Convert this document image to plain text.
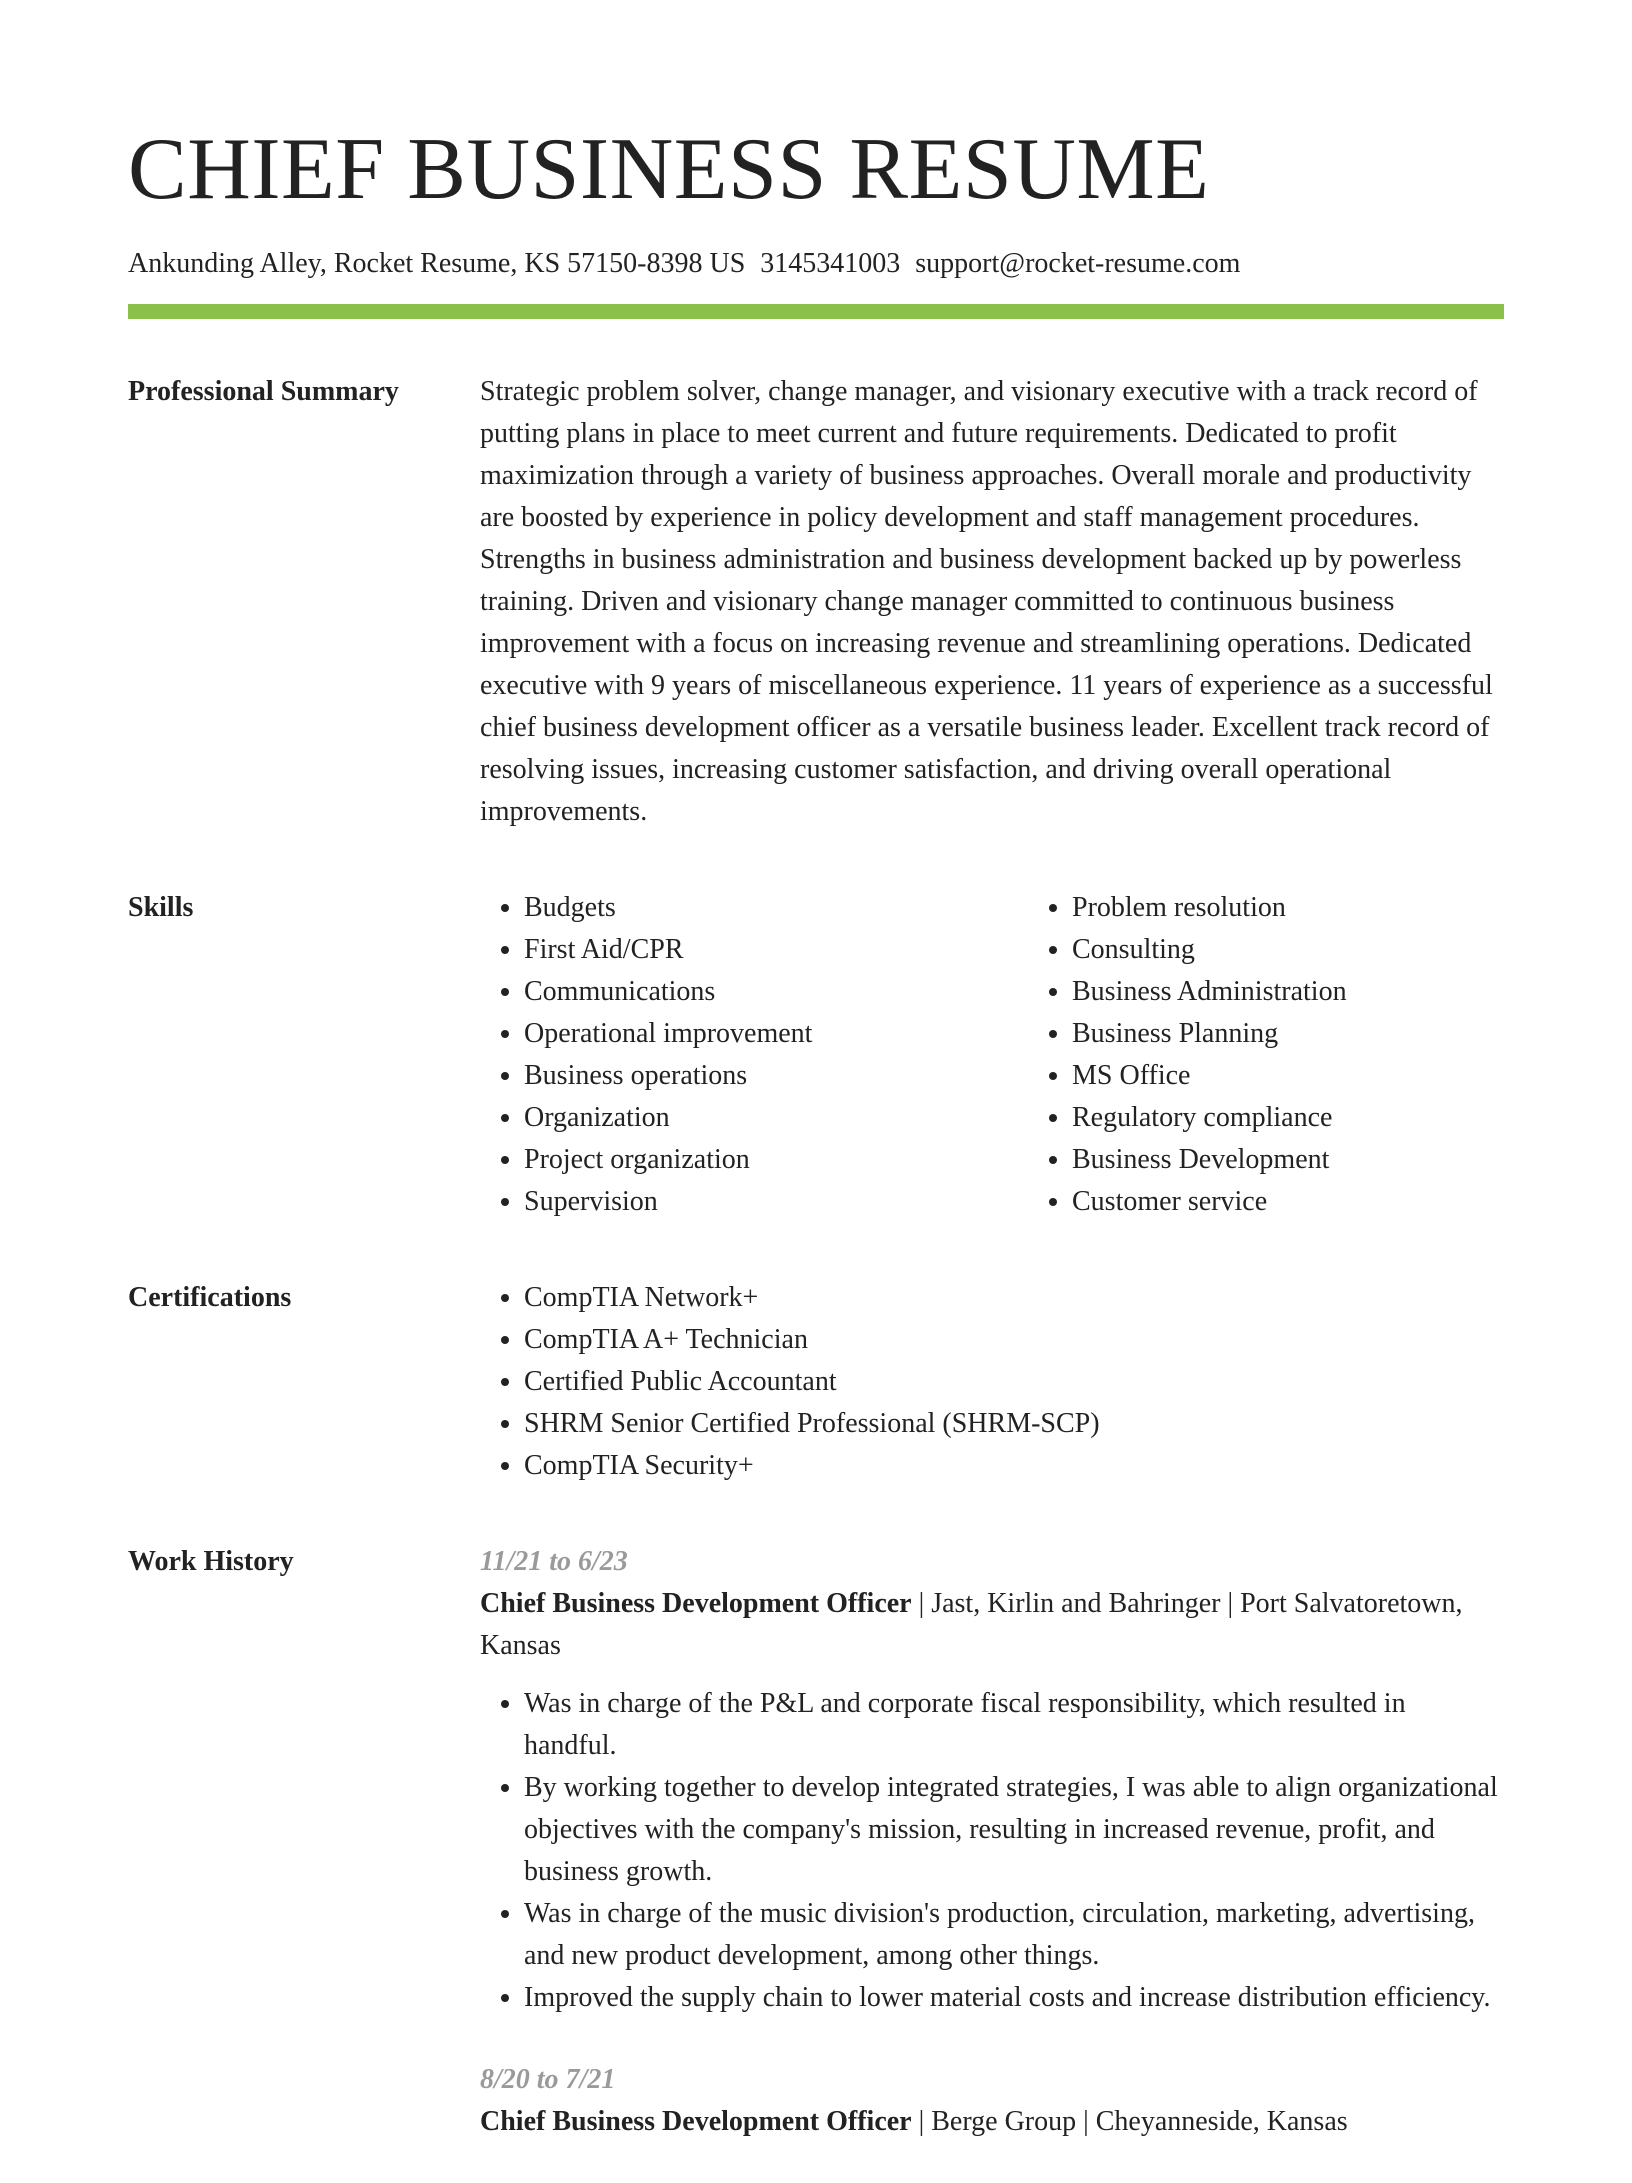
CHIEF BUSINESS RESUME
Ankunding Alley, Rocket Resume, KS 57150-8398 US 3145341003 support@rocket-resume.com
Professional Summary	Strategic problem solver, change manager, and visionary executive with a track record of putting plans in place to meet current and future requirements. Dedicated to profit maximization through a variety of business approaches. Overall morale and productivity are boosted by experience in policy development and staff management procedures. Strengths in business administration and business development backed up by powerless training. Driven and visionary change manager committed to continuous business improvement with a focus on increasing revenue and streamlining operations. Dedicated executive with 9 years of miscellaneous experience. 11 years of experience as a successful chief business development officer as a versatile business leader. Excellent track record of resolving issues, increasing customer satisfaction, and driving overall operational improvements.

Skills	• Budgets
• First Aid/CPR
• Communications
• Operational improvement
• Business operations
• Organization
• Project organization
• Supervision
• Problem resolution
• Consulting
• Business Administration
• Business Planning
• MS Office
• Regulatory compliance
• Business Development
• Customer service
Certifications	• CompTIA Network+
• CompTIA A+ Technician
• Certified Public Accountant
• SHRM Senior Certified Professional (SHRM-SCP)
• CompTIA Security+
Work History	11/21 to 6/23
Chief Business Development Officer | Jast, Kirlin and Bahringer | Port Salvatoretown, Kansas
• Was in charge of the P&L and corporate fiscal responsibility, which resulted in handful.
• By working together to develop integrated strategies, I was able to align organizational objectives with the company's mission, resulting in increased revenue, profit, and business growth.
• Was in charge of the music division's production, circulation, marketing, advertising, and new product development, among other things.
• Improved the supply chain to lower material costs and increase distribution efficiency.
8/20 to 7/21
Chief Business Development Officer | Berge Group | Cheyanneside, Kansas
